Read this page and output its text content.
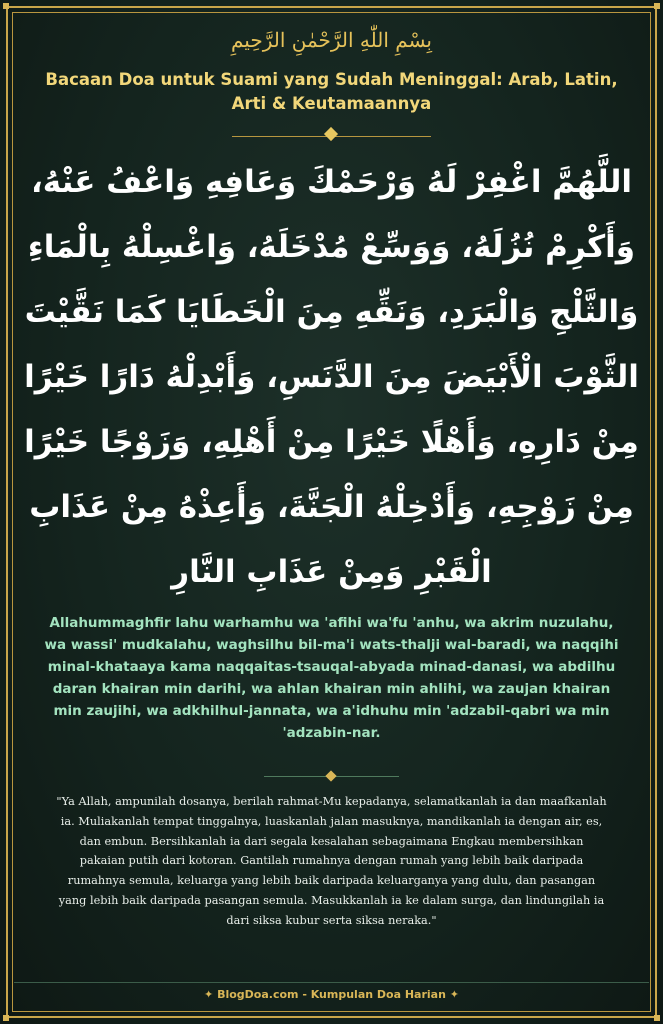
بِسْمِ اللّٰهِ الرَّحْمٰنِ الرَّحِيمِ
Bacaan Doa untuk Suami yang Sudah Meninggal: Arab, Latin, Arti & Keutamaannya
اللَّهُمَّ اغْفِرْ لَهُ وَرْحَمْكَ وَعَافِهِ وَاعْفُ عَنْهُ، وَأَكْرِمْ نُزُلَهُ، وَوَسِّعْ مُدْخَلَهُ، وَاغْسِلْهُ بِالْمَاءِ وَالثَّلْجِ وَالْبَرَدِ، وَنَقِّهِ مِنَ الْخَطَايَا كَمَا نَقَّيْتَ الثَّوْبَ الْأَبْيَضَ مِنَ الدَّنَسِ، وَأَبْدِلْهُ دَارًا خَيْرًا مِنْ دَارِهِ، وَأَهْلًا خَيْرًا مِنْ أَهْلِهِ، وَزَوْجًا خَيْرًا مِنْ زَوْجِهِ، وَأَدْخِلْهُ الْجَنَّةَ، وَأَعِذْهُ مِنْ عَذَابِ الْقَبْرِ وَمِنْ عَذَابِ النَّارِ
Allahummaghfir lahu warhamhu wa 'afihi wa'fu 'anhu, wa akrim nuzulahu, wa wassi' mudkalahu, waghsilhu bil-ma'i wats-thalji wal-baradi, wa naqqihi minal-khataaya kama naqqaitas-tsauqal-abyada minad-danasi, wa abdilhu daran khairan min darihi, wa ahlan khairan min ahlihi, wa zaujan khairan min zaujihi, wa adkhilhul-jannata, wa a'idhuhu min 'adzabil-qabri wa min 'adzabin-nar.
"Ya Allah, ampunilah dosanya, berilah rahmat-Mu kepadanya, selamatkanlah ia dan maafkanlah ia. Muliakanlah tempat tinggalnya, luaskanlah jalan masuknya, mandikanlah ia dengan air, es, dan embun. Bersihkanlah ia dari segala kesalahan sebagaimana Engkau membersihkan pakaian putih dari kotoran. Gantilah rumahnya dengan rumah yang lebih baik daripada rumahnya semula, keluarga yang lebih baik daripada keluarganya yang dulu, dan pasangan yang lebih baik daripada pasangan semula. Masukkanlah ia ke dalam surga, dan lindungilah ia dari siksa kubur serta siksa neraka."
✦ BlogDoa.com - Kumpulan Doa Harian ✦
